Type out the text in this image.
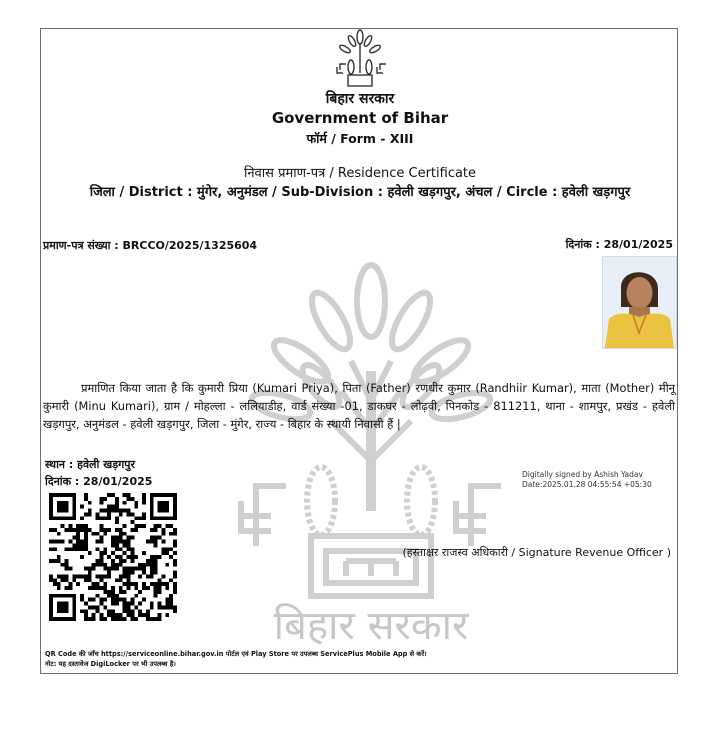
बिहार सरकार
बिहार सरकार
Government of Bihar
फॉर्म / Form - XIII
निवास प्रमाण-पत्र / Residence Certificate
जिला / District : मुंगेर, अनुमंडल / Sub-Division : हवेली खड़गपुर, अंचल / Circle : हवेली खड़गपुर
प्रमाण-पत्र संख्या : BRCCO/2025/1325604	दिनांक : 28/01/2025
प्रमाणित किया जाता है कि कुमारी प्रिया (Kumari Priya), पिता (Father) रणधीर कुमार (Randhiir Kumar), माता (Mother) मीनू कुमारी (Minu Kumari), ग्राम / मोहल्ला - ललियाडीह, वार्ड संख्या -01, डाकघर - लोढ़वी, पिनकोड - 811211, थाना - शामपुर, प्रखंड - हवेली खड़गपुर, अनुमंडल - हवेली खड़गपुर, जिला - मुंगेर, राज्य - बिहार के स्थायी निवासी हैं |
स्थान : हवेली खड़गपुर
दिनांक : 28/01/2025
Digitally signed by Ashish Yadav
Date:2025.01.28 04:55:54 +05:30
(हस्ताक्षर राजस्व अधिकारी / Signature Revenue Officer )
QR Code की जाँच https://serviceonline.bihar.gov.in पोर्टल एवं Play Store पर उपलब्ध ServicePlus Mobile App से करें।
नोट: यह दस्तावेज DigiLocker पर भी उपलब्ध है।
